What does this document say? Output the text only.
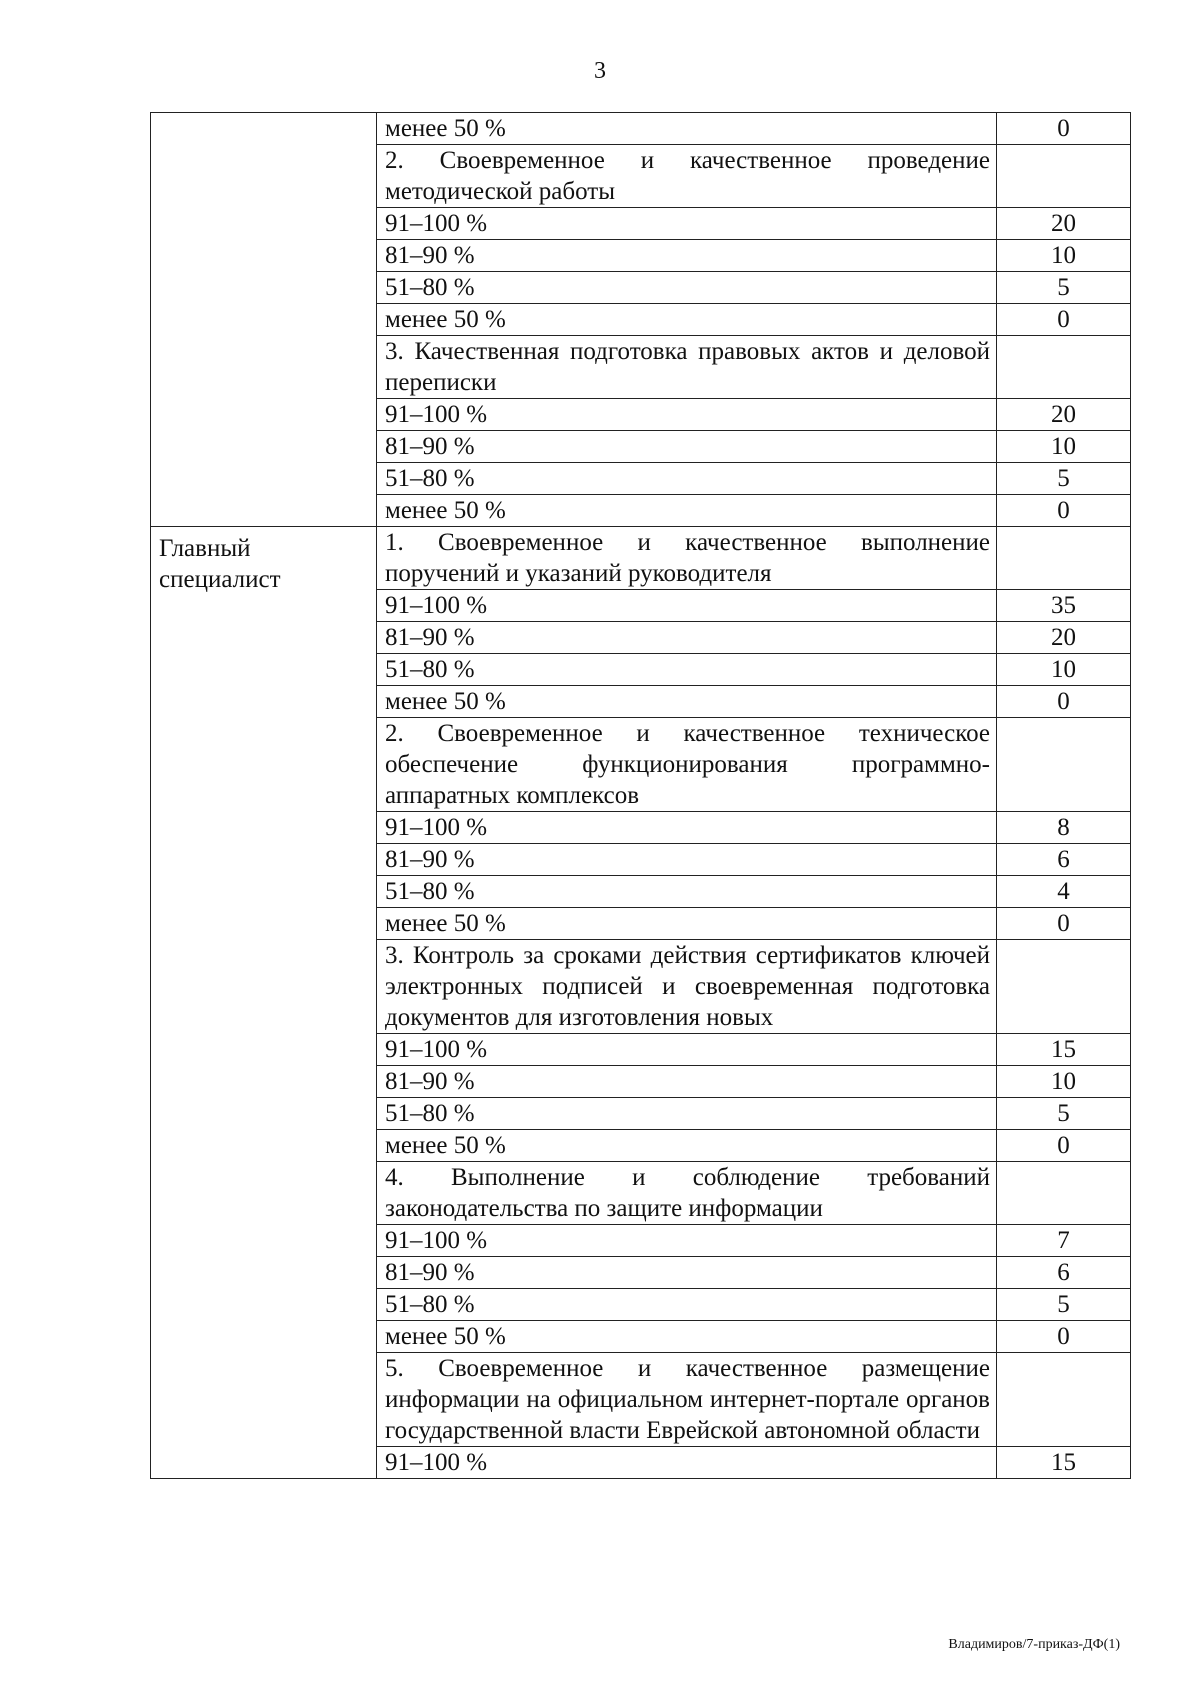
3
	менее 50 %	0
	2. Своевременное и качественное проведение методической работы	
	91–100 %	20
	81–90 %	10
	51–80 %	5
	менее 50 %	0
	3. Качественная подготовка правовых актов и деловой переписки	
	91–100 %	20
	81–90 %	10
	51–80 %	5
	менее 50 %	0
Главный специалист	1. Своевременное и качественное выполнение поручений и указаний руководителя	
	91–100 %	35
	81–90 %	20
	51–80 %	10
	менее 50 %	0
	2. Своевременное и качественное техническое обеспечение функционирования программно-аппаратных комплексов	
	91–100 %	8
	81–90 %	6
	51–80 %	4
	менее 50 %	0
	3. Контроль за сроками действия сертификатов ключей электронных подписей и своевременная подготовка документов для изготовления новых	
	91–100 %	15
	81–90 %	10
	51–80 %	5
	менее 50 %	0
	4. Выполнение и соблюдение требований законодательства по защите информации	
	91–100 %	7
	81–90 %	6
	51–80 %	5
	менее 50 %	0
	5. Своевременное и качественное размещение информации на официальном интернет-портале органов государственной власти Еврейской автономной области	
	91–100 %	15
Владимиров/7-приказ-ДФ(1)
